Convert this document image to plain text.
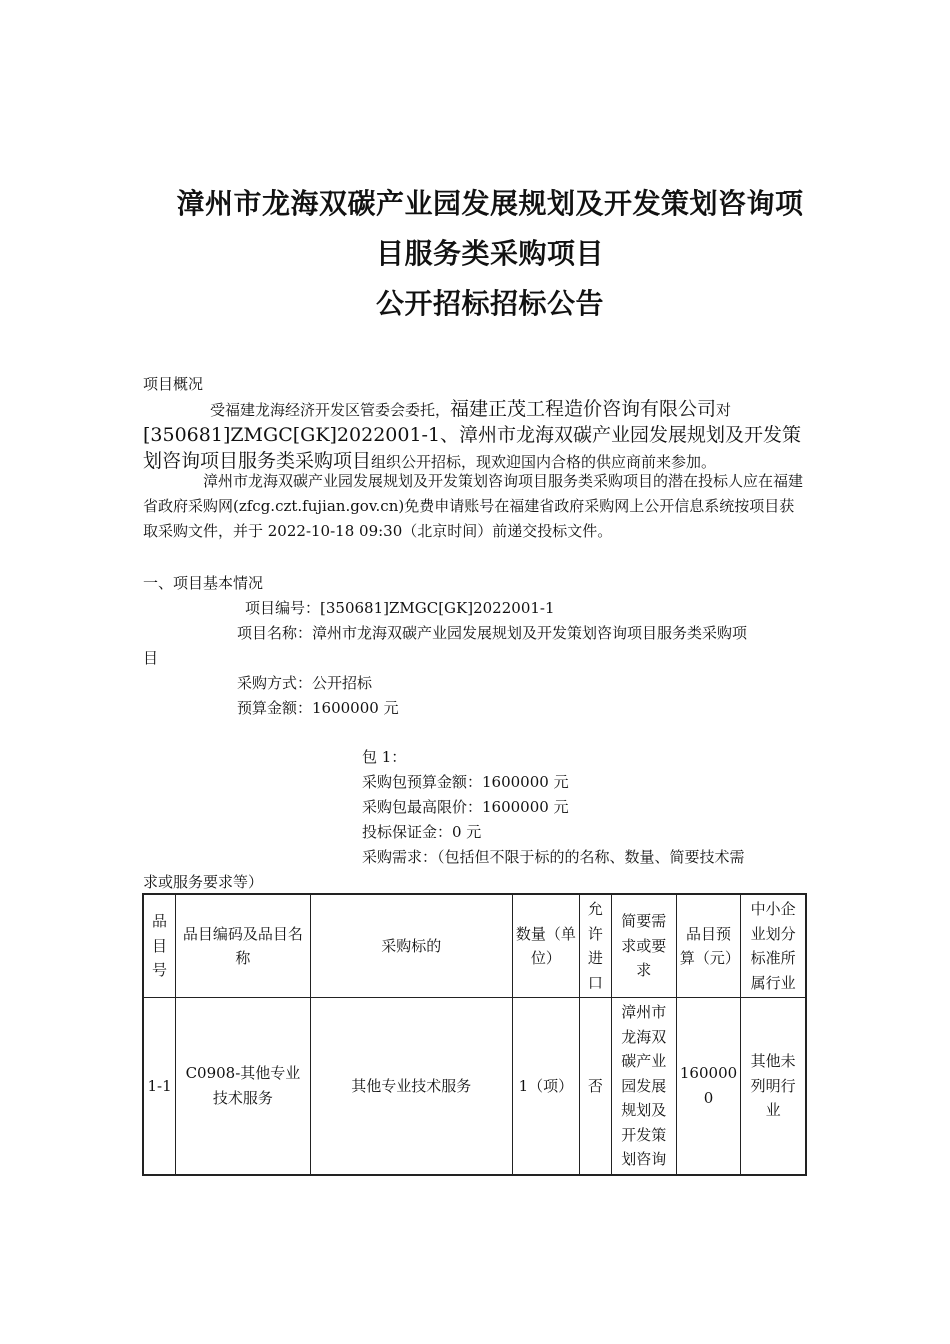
漳州市龙海双碳产业园发展规划及开发策划咨询项
目服务类采购项目
公开招标招标公告
项目概况
受福建龙海经济开发区管委会委托，福建正茂工程造价咨询有限公司对[350681]ZMGC[GK]2022001-1、漳州市龙海双碳产业园发展规划及开发策划咨询项目服务类采购项目组织公开招标，现欢迎国内合格的供应商前来参加。
漳州市龙海双碳产业园发展规划及开发策划咨询项目服务类采购项目的潜在投标人应在福建省政府采购网(zfcg.czt.fujian.gov.cn)免费申请账号在福建省政府采购网上公开信息系统按项目获取采购文件，并于 2022-10-18 09:30（北京时间）前递交投标文件。
一、项目基本情况
项目编号：[350681]ZMGC[GK]2022001-1
项目名称：漳州市龙海双碳产业园发展规划及开发策划咨询项目服务类采购项
目
采购方式：公开招标
预算金额：1600000 元
包 1：
采购包预算金额：1600000 元
采购包最高限价：1600000 元
投标保证金：0 元
采购需求：（包括但不限于标的的名称、数量、简要技术需
求或服务要求等）
品目号	品目编码及品目名称	采购标的	数量（单位）	允许进口	简要需求或要求	品目预算（元）	中小企业划分标准所属行业
1-1	C0908-其他专业技术服务	其他专业技术服务	1（项）	否	漳州市龙海双碳产业园发展规划及开发策划咨询	1600000	其他未列明行业
